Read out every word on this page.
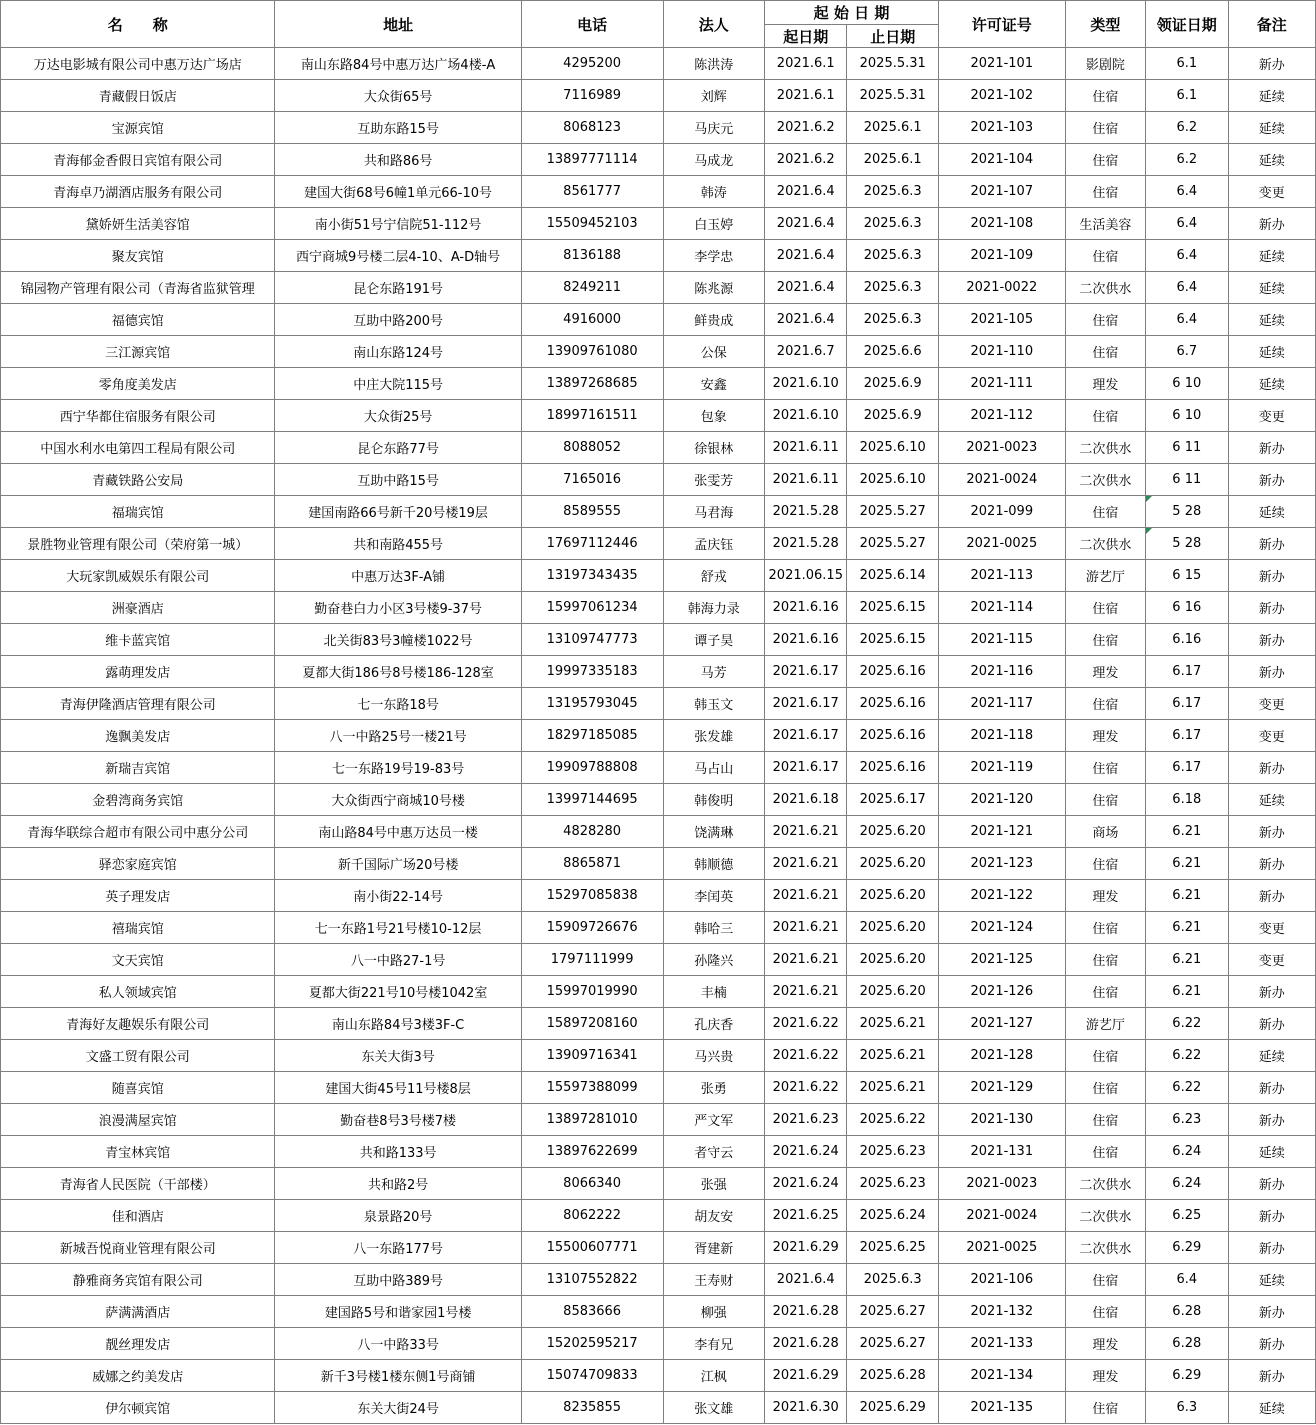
名　　称	地址	电话	法人	起 始 日 期		许可证号	类型	领证日期	备注
				起日期	止日期				
万达电影城有限公司中惠万达广场店	南山东路84号中惠万达广场4楼-A	4295200	陈洪涛	2021.6.1	2025.5.31	2021-101	影剧院	6.1	新办
青藏假日饭店	大众街65号	7116989	刘辉	2021.6.1	2025.5.31	2021-102	住宿	6.1	延续
宝源宾馆	互助东路15号	8068123	马庆元	2021.6.2	2025.6.1	2021-103	住宿	6.2	延续
青海郁金香假日宾馆有限公司	共和路86号	13897771114	马成龙	2021.6.2	2025.6.1	2021-104	住宿	6.2	延续
青海卓乃湖酒店服务有限公司	建国大街68号6幢1单元66-10号	8561777	韩涛	2021.6.4	2025.6.3	2021-107	住宿	6.4	变更
黛娇妍生活美容馆	南小街51号宁信院51-112号	15509452103	白玉婷	2021.6.4	2025.6.3	2021-108	生活美容	6.4	新办
聚友宾馆	西宁商城9号楼二层4-10、A-D轴号	8136188	李学忠	2021.6.4	2025.6.3	2021-109	住宿	6.4	延续
锦园物产管理有限公司（青海省监狱管理	昆仑东路191号	8249211	陈兆源	2021.6.4	2025.6.3	2021-0022	二次供水	6.4	延续
福德宾馆	互助中路200号	4916000	鲜贵成	2021.6.4	2025.6.3	2021-105	住宿	6.4	延续
三江源宾馆	南山东路124号	13909761080	公保	2021.6.7	2025.6.6	2021-110	住宿	6.7	延续
零角度美发店	中庄大院115号	13897268685	安鑫	2021.6.10	2025.6.9	2021-111	理发	6 10	延续
西宁华都住宿服务有限公司	大众街25号	18997161511	包象	2021.6.10	2025.6.9	2021-112	住宿	6 10	变更
中国水利水电第四工程局有限公司	昆仑东路77号	8088052	徐银林	2021.6.11	2025.6.10	2021-0023	二次供水	6 11	新办
青藏铁路公安局	互助中路15号	7165016	张雯芳	2021.6.11	2025.6.10	2021-0024	二次供水	6 11	新办
福瑞宾馆	建国南路66号新千20号楼19层	8589555	马君海	2021.5.28	2025.5.27	2021-099	住宿	5 28	延续
景胜物业管理有限公司（荣府第一城）	共和南路455号	17697112446	孟庆钰	2021.5.28	2025.5.27	2021-0025	二次供水	5 28	新办
大玩家凯威娱乐有限公司	中惠万达3F-A铺	13197343435	舒戎	2021.06.15	2025.6.14	2021-113	游艺厅	6 15	新办
洲豪酒店	勤奋巷白力小区3号楼9-37号	15997061234	韩海力录	2021.6.16	2025.6.15	2021-114	住宿	6 16	新办
维卡蓝宾馆	北关街83号3幢楼1022号	13109747773	谭子昊	2021.6.16	2025.6.15	2021-115	住宿	6.16	新办
露萌理发店	夏都大街186号8号楼186-128室	19997335183	马芳	2021.6.17	2025.6.16	2021-116	理发	6.17	新办
青海伊隆酒店管理有限公司	七一东路18号	13195793045	韩玉文	2021.6.17	2025.6.16	2021-117	住宿	6.17	变更
逸飘美发店	八一中路25号一楼21号	18297185085	张发雄	2021.6.17	2025.6.16	2021-118	理发	6.17	变更
新瑞吉宾馆	七一东路19号19-83号	19909788808	马占山	2021.6.17	2025.6.16	2021-119	住宿	6.17	新办
金碧湾商务宾馆	大众街西宁商城10号楼	13997144695	韩俊明	2021.6.18	2025.6.17	2021-120	住宿	6.18	延续
青海华联综合超市有限公司中惠分公司	南山路84号中惠万达员一楼	4828280	饶满琳	2021.6.21	2025.6.20	2021-121	商场	6.21	新办
驿恋家庭宾馆	新千国际广场20号楼	8865871	韩顺德	2021.6.21	2025.6.20	2021-123	住宿	6.21	新办
英子理发店	南小街22-14号	15297085838	李闰英	2021.6.21	2025.6.20	2021-122	理发	6.21	新办
禧瑞宾馆	七一东路1号21号楼10-12层	15909726676	韩哈三	2021.6.21	2025.6.20	2021-124	住宿	6.21	变更
文天宾馆	八一中路27-1号	1797111999	孙隆兴	2021.6.21	2025.6.20	2021-125	住宿	6.21	变更
私人领域宾馆	夏都大街221号10号楼1042室	15997019990	丰楠	2021.6.21	2025.6.20	2021-126	住宿	6.21	新办
青海好友趣娱乐有限公司	南山东路84号3楼3F-C	15897208160	孔庆香	2021.6.22	2025.6.21	2021-127	游艺厅	6.22	新办
文盛工贸有限公司	东关大街3号	13909716341	马兴贵	2021.6.22	2025.6.21	2021-128	住宿	6.22	延续
随喜宾馆	建国大街45号11号楼8层	15597388099	张勇	2021.6.22	2025.6.21	2021-129	住宿	6.22	新办
浪漫满屋宾馆	勤奋巷8号3号楼7楼	13897281010	严文军	2021.6.23	2025.6.22	2021-130	住宿	6.23	新办
青宝林宾馆	共和路133号	13897622699	者守云	2021.6.24	2025.6.23	2021-131	住宿	6.24	延续
青海省人民医院（干部楼）	共和路2号	8066340	张强	2021.6.24	2025.6.23	2021-0023	二次供水	6.24	新办
佳和酒店	泉景路20号	8062222	胡友安	2021.6.25	2025.6.24	2021-0024	二次供水	6.25	新办
新城吾悦商业管理有限公司	八一东路177号	15500607771	胥建新	2021.6.29	2025.6.25	2021-0025	二次供水	6.29	新办
静雅商务宾馆有限公司	互助中路389号	13107552822	王寿财	2021.6.4	2025.6.3	2021-106	住宿	6.4	延续
萨满满酒店	建国路5号和谐家园1号楼	8583666	柳强	2021.6.28	2025.6.27	2021-132	住宿	6.28	新办
靓丝理发店	八一中路33号	15202595217	李有兄	2021.6.28	2025.6.27	2021-133	理发	6.28	新办
威娜之约美发店	新千3号楼1楼东侧1号商铺	15074709833	江枫	2021.6.29	2025.6.28	2021-134	理发	6.29	新办
伊尔顿宾馆	东关大街24号	8235855	张文雄	2021.6.30	2025.6.29	2021-135	住宿	6.3	延续
